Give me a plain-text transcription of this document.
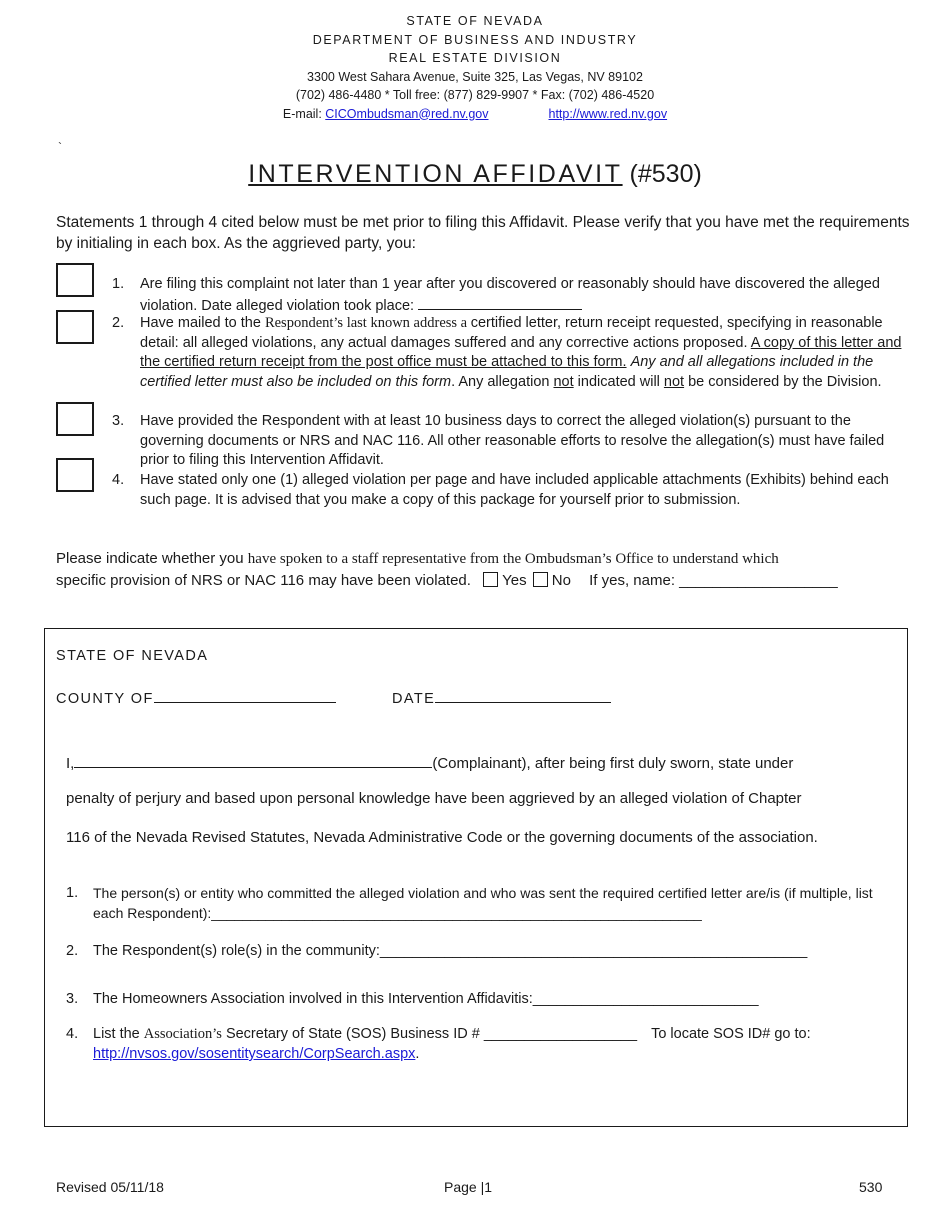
STATE OF NEVADA
DEPARTMENT OF BUSINESS AND INDUSTRY
REAL ESTATE DIVISION
3300 West Sahara Avenue, Suite 325, Las Vegas, NV 89102
(702) 486-4480 * Toll free: (877) 829-9907 * Fax: (702) 486-4520
E-mail: CICOmbudsman@red.nv.gov	http://www.red.nv.gov
`
INTERVENTION AFFIDAVIT (#530)
Statements 1 through 4 cited below must be met prior to filing this Affidavit. Please verify that you have met the requirements by initialing in each box. As the aggrieved party, you:
1. Are filing this complaint not later than 1 year after you discovered or reasonably should have discovered the alleged violation. Date alleged violation took place:
2. Have mailed to the Respondent’s last known address a certified letter, return receipt requested, specifying in reasonable detail: all alleged violations, any actual damages suffered and any corrective actions proposed. A copy of this letter and the certified return receipt from the post office must be attached to this form. Any and all allegations included in the certified letter must also be included on this form. Any allegation not indicated will not be considered by the Division.
3. Have provided the Respondent with at least 10 business days to correct the alleged violation(s) pursuant to the governing documents or NRS and NAC 116. All other reasonable efforts to resolve the allegation(s) must have failed prior to filing this Intervention Affidavit.
4. Have stated only one (1) alleged violation per page and have included applicable attachments (Exhibits) behind each such page. It is advised that you make a copy of this package for yourself prior to submission.
Please indicate whether you have spoken to a staff representative from the Ombudsman’s Office to understand which
specific provision of NRS or NAC 116 may have been violated. Yes No If yes, name: ___________________
STATE OF NEVADA
COUNTY OF	DATE
I,	(Complainant), after being first duly sworn, state under
penalty of perjury and based upon personal knowledge have been aggrieved by an alleged violation of Chapter
116 of the Nevada Revised Statutes, Nevada Administrative Code or the governing documents of the association.
1. The person(s) or entity who committed the alleged violation and who was sent the required certified letter are/is (if multiple, list each Respondent):_______________________________________________________________
2. The Respondent(s) role(s) in the community:_____________________________________________________
3. The Homeowners Association involved in this Intervention Affidavitis:____________________________
4. List the Association’s Secretary of State (SOS) Business ID # ___________________ To locate SOS ID# go to:
http://nvsos.gov/sosentitysearch/CorpSearch.aspx.
Revised 05/11/18	Page |1	530
